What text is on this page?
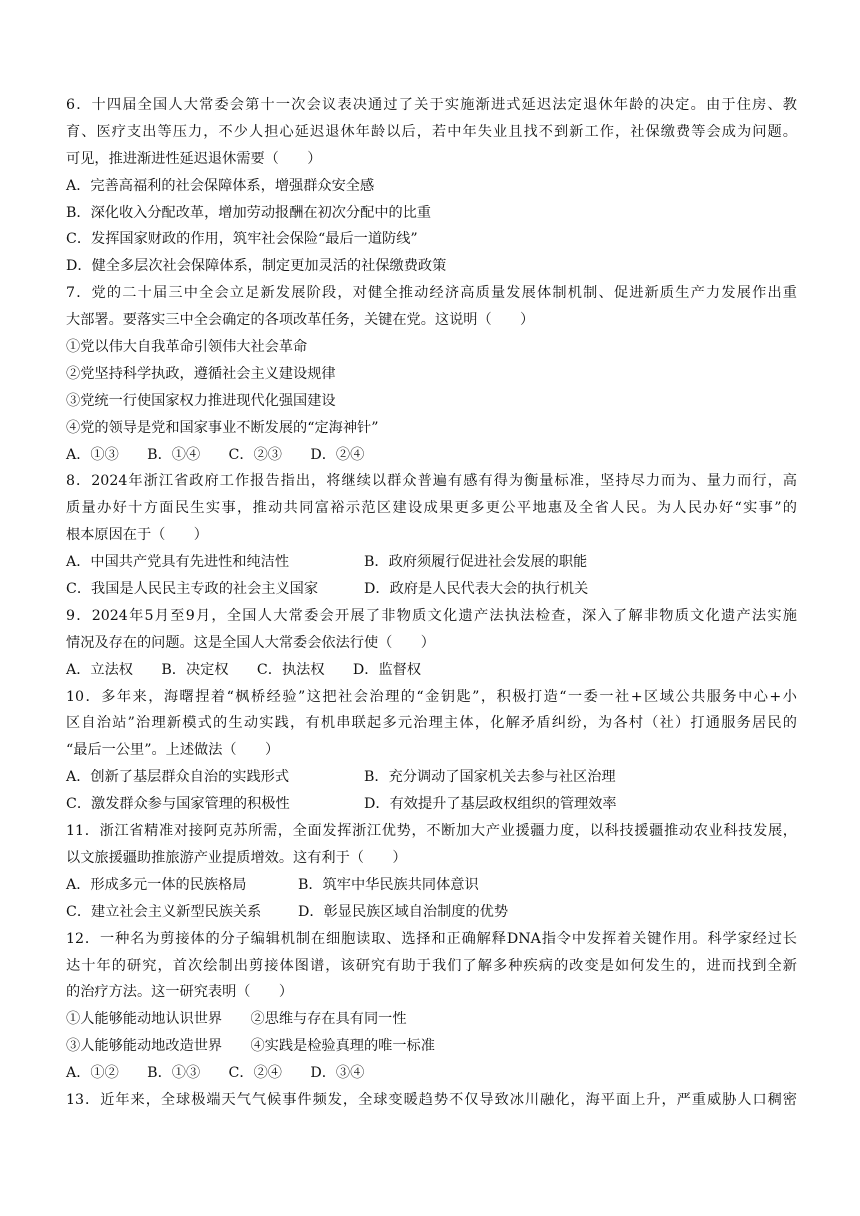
6．十四届全国人大常委会第十一次会议表决通过了关于实施渐进式延迟法定退休年龄的决定。由于住房、教
育、医疗支出等压力，不少人担心延迟退休年龄以后，若中年失业且找不到新工作，社保缴费等会成为问题。
可见，推进渐进性延迟退休需要（　　）
A．完善高福利的社会保障体系，增强群众安全感
B．深化收入分配改革，增加劳动报酬在初次分配中的比重
C．发挥国家财政的作用，筑牢社会保险“最后一道防线”
D．健全多层次社会保障体系，制定更加灵活的社保缴费政策
7．党的二十届三中全会立足新发展阶段，对健全推动经济高质量发展体制机制、促进新质生产力发展作出重
大部署。要落实三中全会确定的各项改革任务，关键在党。这说明（　　）
①党以伟大自我革命引领伟大社会革命
②党坚持科学执政，遵循社会主义建设规律
③党统一行使国家权力推进现代化强国建设
④党的领导是党和国家事业不断发展的“定海神针”
A．①③　　B．①④　　C．②③　　D．②④
8．2024年浙江省政府工作报告指出，将继续以群众普遍有感有得为衡量标准，坚持尽力而为、量力而行，高
质量办好十方面民生实事，推动共同富裕示范区建设成果更多更公平地惠及全省人民。为人民办好“实事”的
根本原因在于（　　）
A．中国共产党具有先进性和纯洁性	B．政府须履行促进社会发展的职能
C．我国是人民民主专政的社会主义国家	D．政府是人民代表大会的执行机关
9．2024年5月至9月，全国人大常委会开展了非物质文化遗产法执法检查，深入了解非物质文化遗产法实施
情况及存在的问题。这是全国人大常委会依法行使（　　）
A．立法权　　B．决定权　　C．执法权　　D．监督权
10．多年来，海曙捏着“枫桥经验”这把社会治理的“金钥匙”，积极打造“一委一社+区域公共服务中心+小
区自治站”治理新模式的生动实践，有机串联起多元治理主体，化解矛盾纠纷，为各村（社）打通服务居民的
“最后一公里”。上述做法（　　）
A．创新了基层群众自治的实践形式	B．充分调动了国家机关去参与社区治理
C．激发群众参与国家管理的积极性	D．有效提升了基层政权组织的管理效率
11．浙江省精准对接阿克苏所需，全面发挥浙江优势，不断加大产业援疆力度，以科技援疆推动农业科技发展，
以文旅援疆助推旅游产业提质增效。这有利于（　　）
A．形成多元一体的民族格局	B．筑牢中华民族共同体意识
C．建立社会主义新型民族关系	D．彰显民族区域自治制度的优势
12．一种名为剪接体的分子编辑机制在细胞读取、选择和正确解释DNA指令中发挥着关键作用。科学家经过长
达十年的研究，首次绘制出剪接体图谱，该研究有助于我们了解多种疾病的改变是如何发生的，进而找到全新
的治疗方法。这一研究表明（　　）
①人能够能动地认识世界　　②思维与存在具有同一性
③人能够能动地改造世界　　④实践是检验真理的唯一标准
A．①②　　B．①③　　C．②④　　D．③④
13．近年来，全球极端天气气候事件频发，全球变暖趋势不仅导致冰川融化，海平面上升，严重威胁人口稠密
